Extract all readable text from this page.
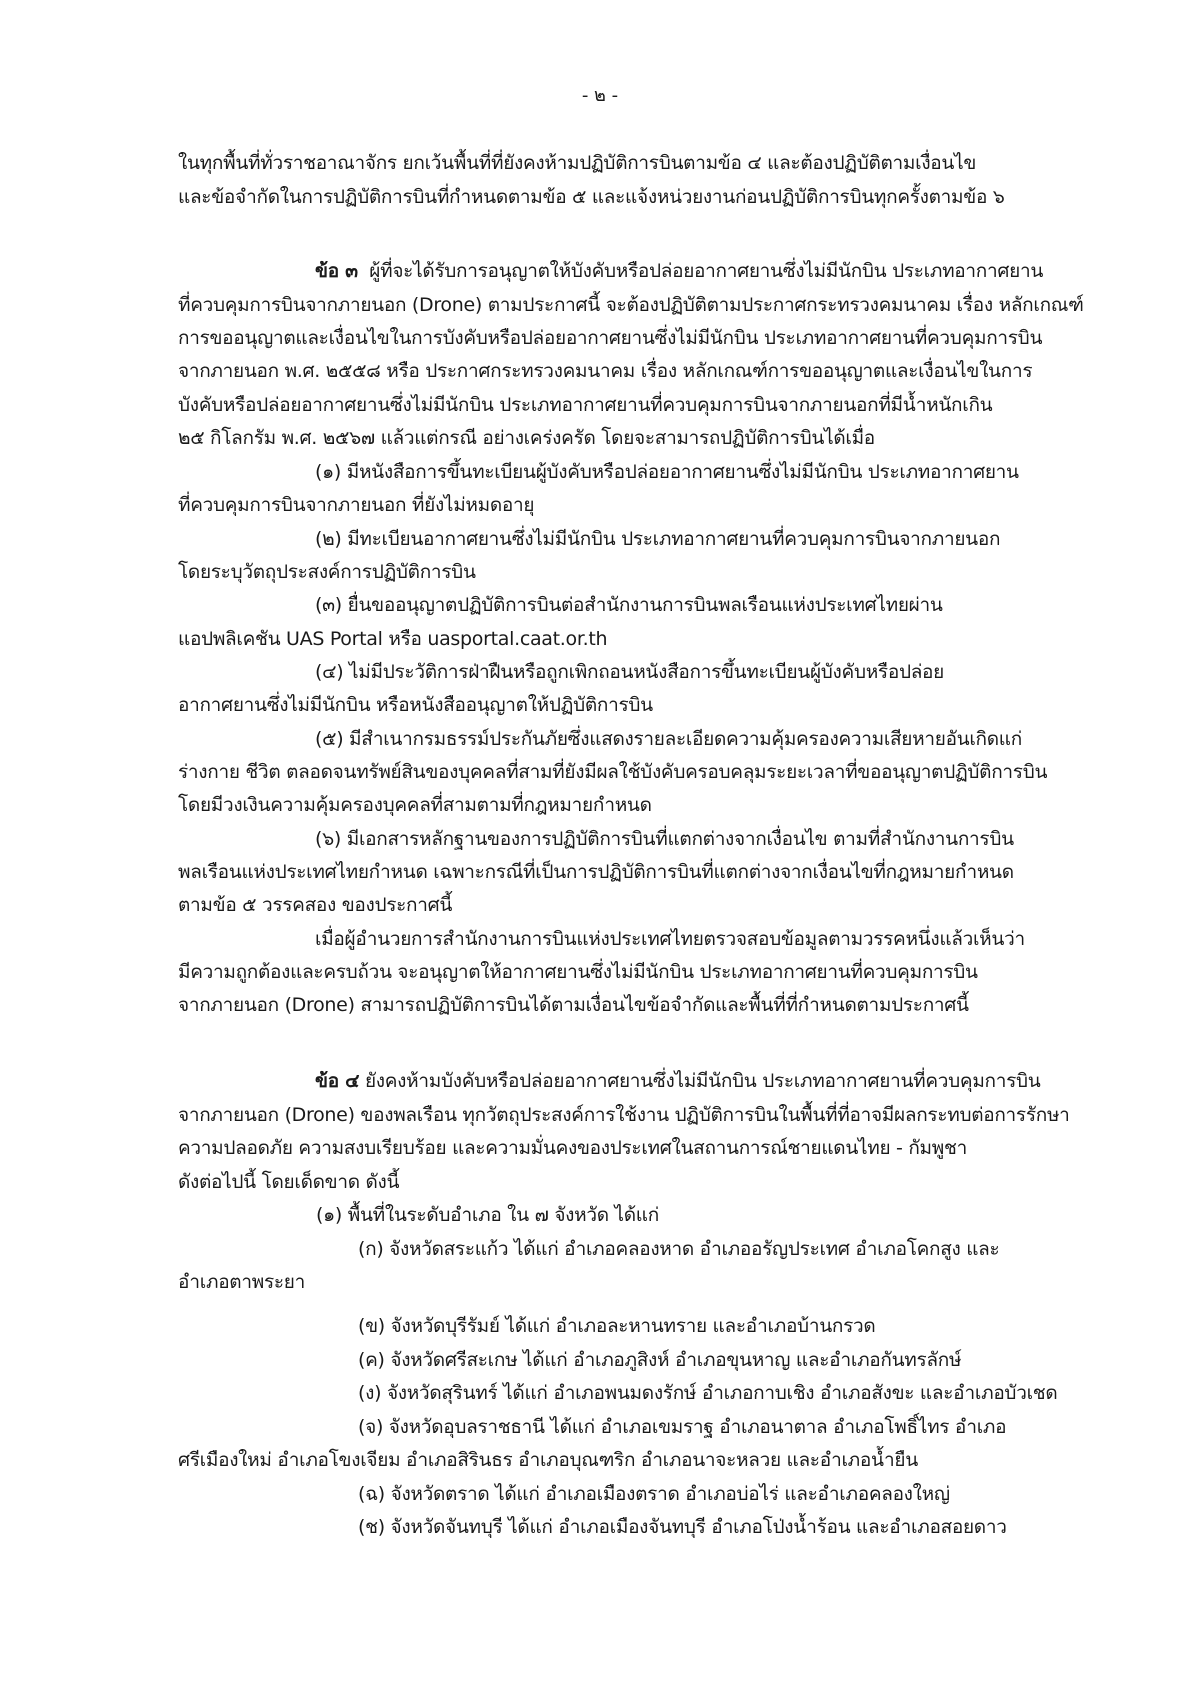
- ๒ -
ในทุกพื้นที่ทั่วราชอาณาจักร ยกเว้นพื้นที่ที่ยังคงห้ามปฏิบัติการบินตามข้อ ๔ และต้องปฏิบัติตามเงื่อนไข
และข้อจำกัดในการปฏิบัติการบินที่กำหนดตามข้อ ๕ และแจ้งหน่วยงานก่อนปฏิบัติการบินทุกครั้งตามข้อ ๖
ข้อ ๓ ผู้ที่จะได้รับการอนุญาตให้บังคับหรือปล่อยอากาศยานซึ่งไม่มีนักบิน ประเภทอากาศยาน
ที่ควบคุมการบินจากภายนอก (Drone) ตามประกาศนี้ จะต้องปฏิบัติตามประกาศกระทรวงคมนาคม เรื่อง หลักเกณฑ์
การขออนุญาตและเงื่อนไขในการบังคับหรือปล่อยอากาศยานซึ่งไม่มีนักบิน ประเภทอากาศยานที่ควบคุมการบิน
จากภายนอก พ.ศ. ๒๕๕๘ หรือ ประกาศกระทรวงคมนาคม เรื่อง หลักเกณฑ์การขออนุญาตและเงื่อนไขในการ
บังคับหรือปล่อยอากาศยานซึ่งไม่มีนักบิน ประเภทอากาศยานที่ควบคุมการบินจากภายนอกที่มีน้ำหนักเกิน
๒๕ กิโลกรัม พ.ศ. ๒๕๖๗ แล้วแต่กรณี อย่างเคร่งครัด โดยจะสามารถปฏิบัติการบินได้เมื่อ
(๑) มีหนังสือการขึ้นทะเบียนผู้บังคับหรือปล่อยอากาศยานซึ่งไม่มีนักบิน ประเภทอากาศยาน
ที่ควบคุมการบินจากภายนอก ที่ยังไม่หมดอายุ
(๒) มีทะเบียนอากาศยานซึ่งไม่มีนักบิน ประเภทอากาศยานที่ควบคุมการบินจากภายนอก
โดยระบุวัตถุประสงค์การปฏิบัติการบิน
(๓) ยื่นขออนุญาตปฏิบัติการบินต่อสำนักงานการบินพลเรือนแห่งประเทศไทยผ่าน
แอปพลิเคชัน UAS Portal หรือ uasportal.caat.or.th
(๔) ไม่มีประวัติการฝ่าฝืนหรือถูกเพิกถอนหนังสือการขึ้นทะเบียนผู้บังคับหรือปล่อย
อากาศยานซึ่งไม่มีนักบิน หรือหนังสืออนุญาตให้ปฏิบัติการบิน
(๕) มีสำเนากรมธรรม์ประกันภัยซึ่งแสดงรายละเอียดความคุ้มครองความเสียหายอันเกิดแก่
ร่างกาย ชีวิต ตลอดจนทรัพย์สินของบุคคลที่สามที่ยังมีผลใช้บังคับครอบคลุมระยะเวลาที่ขออนุญาตปฏิบัติการบิน
โดยมีวงเงินความคุ้มครองบุคคลที่สามตามที่กฎหมายกำหนด
(๖) มีเอกสารหลักฐานของการปฏิบัติการบินที่แตกต่างจากเงื่อนไข ตามที่สำนักงานการบิน
พลเรือนแห่งประเทศไทยกำหนด เฉพาะกรณีที่เป็นการปฏิบัติการบินที่แตกต่างจากเงื่อนไขที่กฎหมายกำหนด
ตามข้อ ๕ วรรคสอง ของประกาศนี้
เมื่อผู้อำนวยการสำนักงานการบินแห่งประเทศไทยตรวจสอบข้อมูลตามวรรคหนึ่งแล้วเห็นว่า
มีความถูกต้องและครบถ้วน จะอนุญาตให้อากาศยานซึ่งไม่มีนักบิน ประเภทอากาศยานที่ควบคุมการบิน
จากภายนอก (Drone) สามารถปฏิบัติการบินได้ตามเงื่อนไขข้อจำกัดและพื้นที่ที่กำหนดตามประกาศนี้
ข้อ ๔ ยังคงห้ามบังคับหรือปล่อยอากาศยานซึ่งไม่มีนักบิน ประเภทอากาศยานที่ควบคุมการบิน
จากภายนอก (Drone) ของพลเรือน ทุกวัตถุประสงค์การใช้งาน ปฏิบัติการบินในพื้นที่ที่อาจมีผลกระทบต่อการรักษา
ความปลอดภัย ความสงบเรียบร้อย และความมั่นคงของประเทศในสถานการณ์ชายแดนไทย - กัมพูชา
ดังต่อไปนี้ โดยเด็ดขาด ดังนี้
(๑) พื้นที่ในระดับอำเภอ ใน ๗ จังหวัด ได้แก่
(ก) จังหวัดสระแก้ว ได้แก่ อำเภอคลองหาด อำเภออรัญประเทศ อำเภอโคกสูง และ
อำเภอตาพระยา
(ข) จังหวัดบุรีรัมย์ ได้แก่ อำเภอละหานทราย และอำเภอบ้านกรวด
(ค) จังหวัดศรีสะเกษ ได้แก่ อำเภอภูสิงห์ อำเภอขุนหาญ และอำเภอกันทรลักษ์
(ง) จังหวัดสุรินทร์ ได้แก่ อำเภอพนมดงรักษ์ อำเภอกาบเชิง อำเภอสังขะ และอำเภอบัวเชด
(จ) จังหวัดอุบลราชธานี ได้แก่ อำเภอเขมราฐ อำเภอนาตาล อำเภอโพธิ์ไทร อำเภอ
ศรีเมืองใหม่ อำเภอโขงเจียม อำเภอสิรินธร อำเภอบุณฑริก อำเภอนาจะหลวย และอำเภอน้ำยืน
(ฉ) จังหวัดตราด ได้แก่ อำเภอเมืองตราด อำเภอบ่อไร่ และอำเภอคลองใหญ่
(ช) จังหวัดจันทบุรี ได้แก่ อำเภอเมืองจันทบุรี อำเภอโป่งน้ำร้อน และอำเภอสอยดาว
